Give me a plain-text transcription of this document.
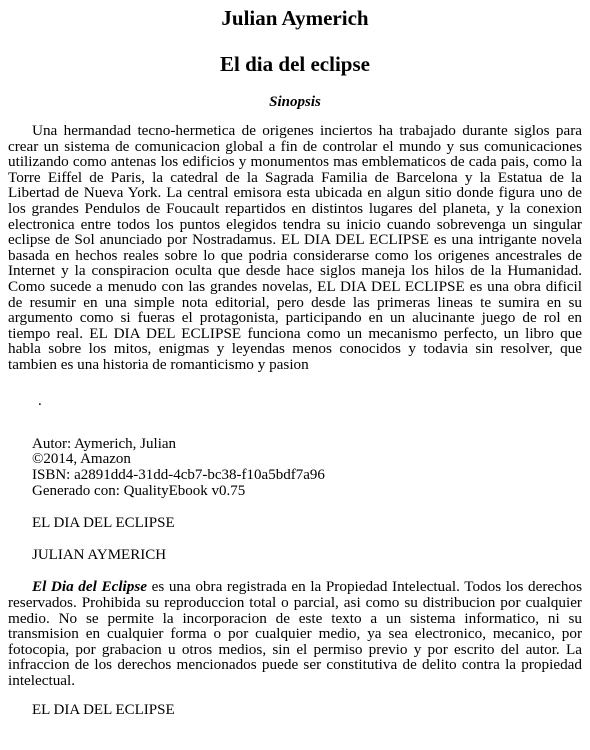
Julian Aymerich
El dia del eclipse
Sinopsis

Una hermandad tecno-hermetica de origenes inciertos ha trabajado durante siglos para crear un sistema de comunicacion global a fin de controlar el mundo y sus comunicaciones utilizando como antenas los edificios y monumentos mas emblematicos de cada pais, como la Torre Eiffel de Paris, la catedral de la Sagrada Familia de Barcelona y la Estatua de la Libertad de Nueva York. La central emisora esta ubicada en algun sitio donde figura uno de los grandes Pendulos de Foucault repartidos en distintos lugares del planeta, y la conexion electronica entre todos los puntos elegidos tendra su inicio cuando sobrevenga un singular eclipse de Sol anunciado por Nostradamus. EL DIA DEL ECLIPSE es una intrigante novela basada en hechos reales sobre lo que podria considerarse como los origenes ancestrales de Internet y la conspiracion oculta que desde hace siglos maneja los hilos de la Humanidad. Como sucede a menudo con las grandes novelas, EL DIA DEL ECLIPSE es una obra dificil de resumir en una simple nota editorial, pero desde las primeras lineas te sumira en su argumento como si fueras el protagonista, participando en un alucinante juego de rol en tiempo real. EL DIA DEL ECLIPSE funciona como un mecanismo perfecto, un libro que habla sobre los mitos, enigmas y leyendas menos conocidos y todavia sin resolver, que tambien es una historia de romanticismo y pasion

.
Autor: Aymerich, Julian
©2014, Amazon
ISBN: a2891dd4-31dd-4cb7-bc38-f10a5bdf7a96
Generado con: QualityEbook v0.75
EL DIA DEL ECLIPSE
JULIAN AYMERICH

El Dia del Eclipse es una obra registrada en la Propiedad Intelectual. Todos los derechos reservados. Prohibida su reproduccion total o parcial, asi como su distribucion por cualquier medio. No se permite la incorporacion de este texto a un sistema informatico, ni su transmision en cualquier forma o por cualquier medio, ya sea electronico, mecanico, por fotocopia, por grabacion u otros medios, sin el permiso previo y por escrito del autor. La infraccion de los derechos mencionados puede ser constitutiva de delito contra la propiedad intelectual.

EL DIA DEL ECLIPSE
